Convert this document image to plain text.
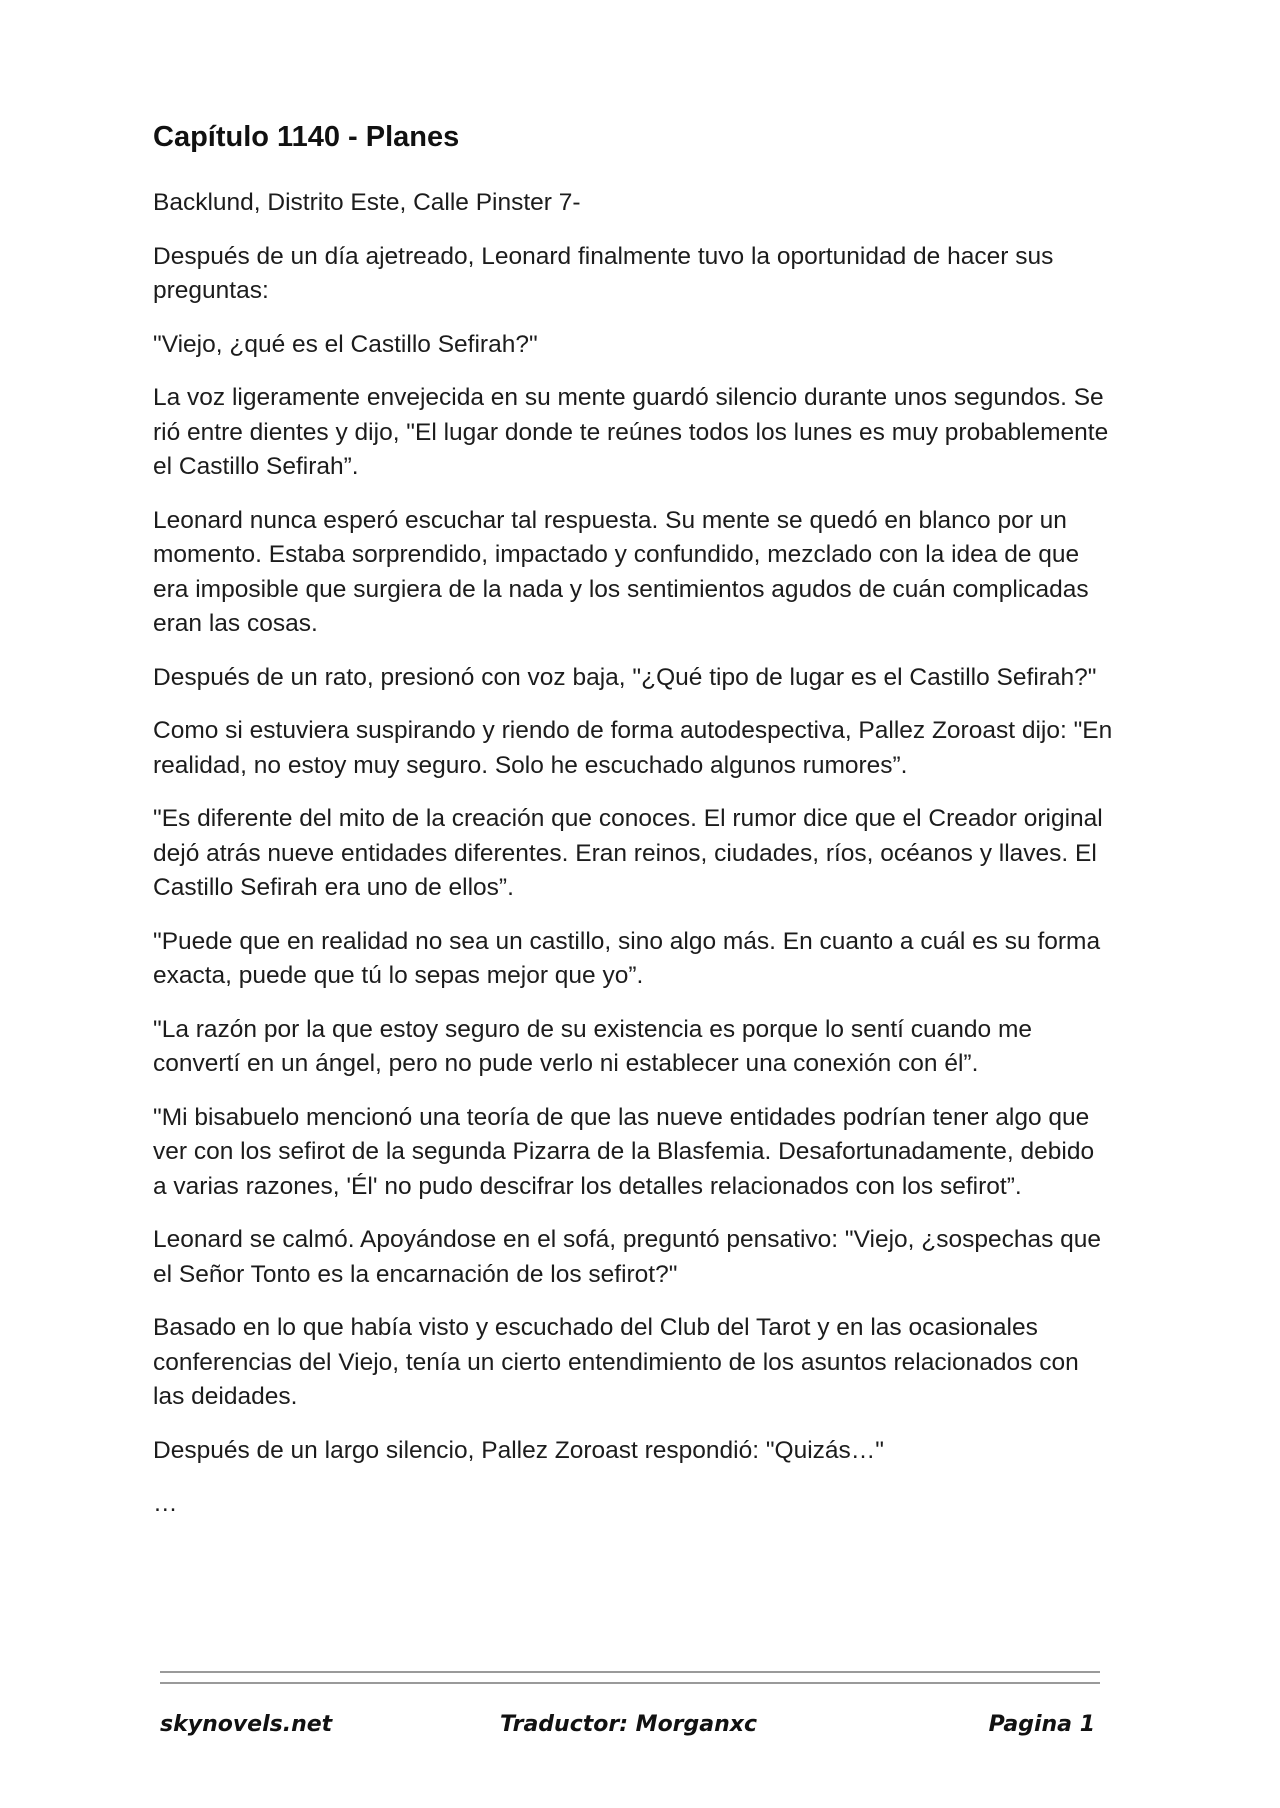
Capítulo 1140 - Planes

Backlund, Distrito Este, Calle Pinster 7-

Después de un día ajetreado, Leonard finalmente tuvo la oportunidad de hacer sus preguntas:

"Viejo, ¿qué es el Castillo Sefirah?"

La voz ligeramente envejecida en su mente guardó silencio durante unos segundos. Se rió entre dientes y dijo, "El lugar donde te reúnes todos los lunes es muy probablemente el Castillo Sefirah”.

Leonard nunca esperó escuchar tal respuesta. Su mente se quedó en blanco por un momento. Estaba sorprendido, impactado y confundido, mezclado con la idea de que era imposible que surgiera de la nada y los sentimientos agudos de cuán complicadas eran las cosas.

Después de un rato, presionó con voz baja, "¿Qué tipo de lugar es el Castillo Sefirah?"

Como si estuviera suspirando y riendo de forma autodespectiva, Pallez Zoroast dijo: "En realidad, no estoy muy seguro. Solo he escuchado algunos rumores”.

"Es diferente del mito de la creación que conoces. El rumor dice que el Creador original dejó atrás nueve entidades diferentes. Eran reinos, ciudades, ríos, océanos y llaves. El Castillo Sefirah era uno de ellos”.

"Puede que en realidad no sea un castillo, sino algo más. En cuanto a cuál es su forma exacta, puede que tú lo sepas mejor que yo”.

"La razón por la que estoy seguro de su existencia es porque lo sentí cuando me convertí en un ángel, pero no pude verlo ni establecer una conexión con él”.

"Mi bisabuelo mencionó una teoría de que las nueve entidades podrían tener algo que ver con los sefirot de la segunda Pizarra de la Blasfemia. Desafortunadamente, debido a varias razones, 'Él' no pudo descifrar los detalles relacionados con los sefirot”.

Leonard se calmó. Apoyándose en el sofá, preguntó pensativo: "Viejo, ¿sospechas que el Señor Tonto es la encarnación de los sefirot?"

Basado en lo que había visto y escuchado del Club del Tarot y en las ocasionales conferencias del Viejo, tenía un cierto entendimiento de los asuntos relacionados con las deidades.

Después de un largo silencio, Pallez Zoroast respondió: "Quizás…"

…

skynovels.net	Traductor: Morganxc	Pagina 1
